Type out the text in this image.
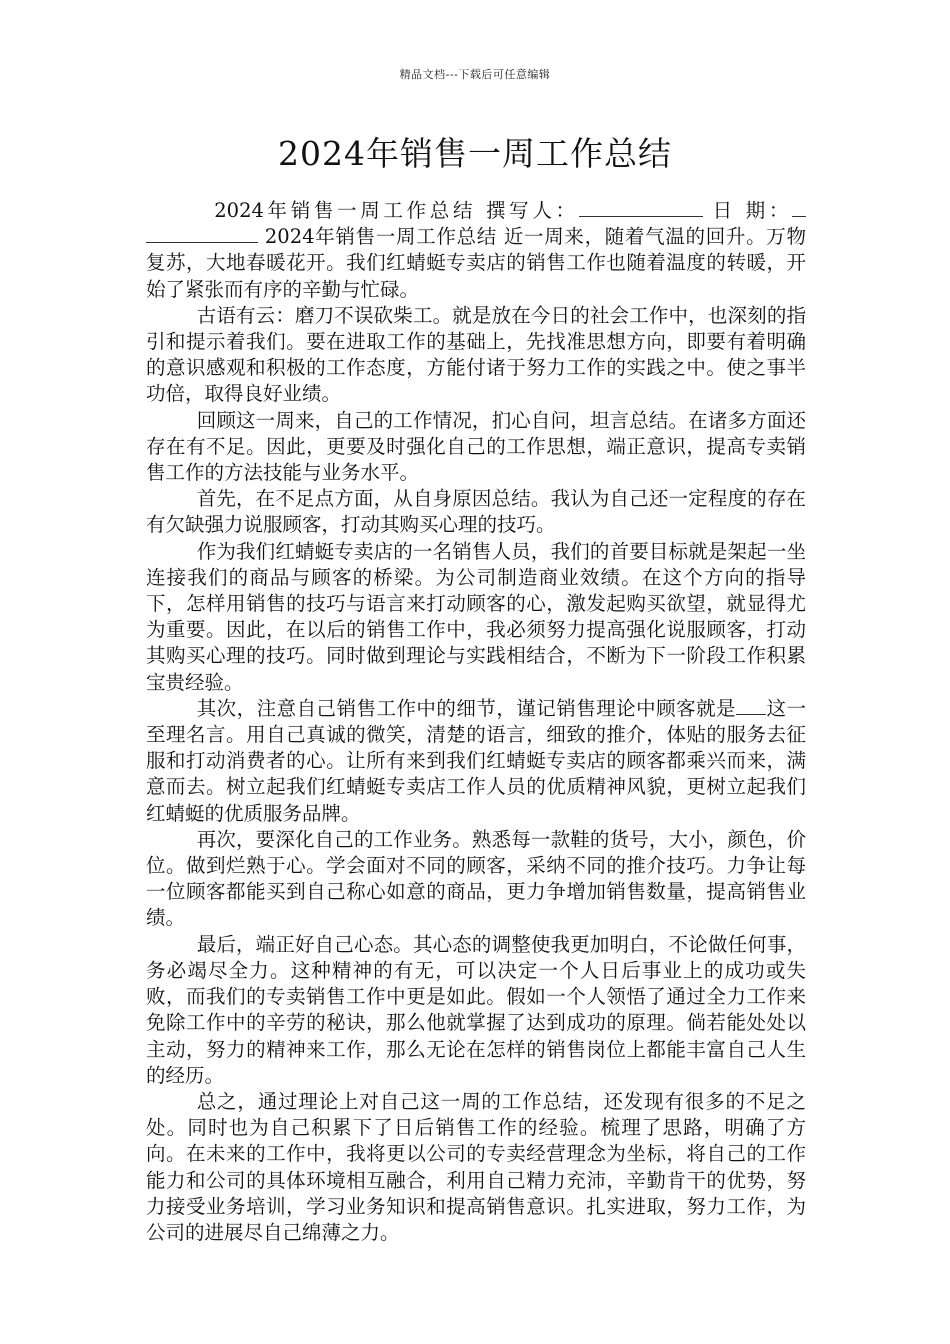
精品文档---下载后可任意编辑
2024年销售一周工作总结

2024年销售一周工作总结 撰写人：	日 期： 2024年销售一周工作总结 近一周来，随着气温的回升。万物复苏，大地春暖花开。我们红蜻蜓专卖店的销售工作也随着温度的转暖，开始了紧张而有序的辛勤与忙碌。

古语有云：磨刀不误砍柴工。就是放在今日的社会工作中，也深刻的指引和提示着我们。要在进取工作的基础上，先找准思想方向，即要有着明确的意识感观和积极的工作态度，方能付诸于努力工作的实践之中。使之事半功倍，取得良好业绩。

回顾这一周来，自己的工作情况，扪心自问，坦言总结。在诸多方面还存在有不足。因此，更要及时强化自己的工作思想，端正意识，提高专卖销售工作的方法技能与业务水平。

首先，在不足点方面，从自身原因总结。我认为自己还一定程度的存在有欠缺强力说服顾客，打动其购买心理的技巧。

作为我们红蜻蜓专卖店的一名销售人员，我们的首要目标就是架起一坐连接我们的商品与顾客的桥梁。为公司制造商业效绩。在这个方向的指导下，怎样用销售的技巧与语言来打动顾客的心，激发起购买欲望，就显得尤为重要。因此，在以后的销售工作中，我必须努力提高强化说服顾客，打动其购买心理的技巧。同时做到理论与实践相结合，不断为下一阶段工作积累宝贵经验。

其次，注意自己销售工作中的细节，谨记销售理论中顾客就是 这一至理名言。用自己真诚的微笑，清楚的语言，细致的推介，体贴的服务去征服和打动消费者的心。让所有来到我们红蜻蜓专卖店的顾客都乘兴而来，满意而去。树立起我们红蜻蜓专卖店工作人员的优质精神风貌，更树立起我们红蜻蜓的优质服务品牌。

再次，要深化自己的工作业务。熟悉每一款鞋的货号，大小，颜色，价位。做到烂熟于心。学会面对不同的顾客，采纳不同的推介技巧。力争让每一位顾客都能买到自己称心如意的商品，更力争增加销售数量，提高销售业绩。

最后，端正好自己心态。其心态的调整使我更加明白，不论做任何事，务必竭尽全力。这种精神的有无，可以决定一个人日后事业上的成功或失败，而我们的专卖销售工作中更是如此。假如一个人领悟了通过全力工作来免除工作中的辛劳的秘诀，那么他就掌握了达到成功的原理。倘若能处处以主动，努力的精神来工作，那么无论在怎样的销售岗位上都能丰富自己人生的经历。

总之，通过理论上对自己这一周的工作总结，还发现有很多的不足之处。同时也为自己积累下了日后销售工作的经验。梳理了思路，明确了方向。在未来的工作中，我将更以公司的专卖经营理念为坐标，将自己的工作能力和公司的具体环境相互融合，利用自己精力充沛，辛勤肯干的优势，努力接受业务培训，学习业务知识和提高销售意识。扎实进取，努力工作，为公司的进展尽自己绵薄之力。
